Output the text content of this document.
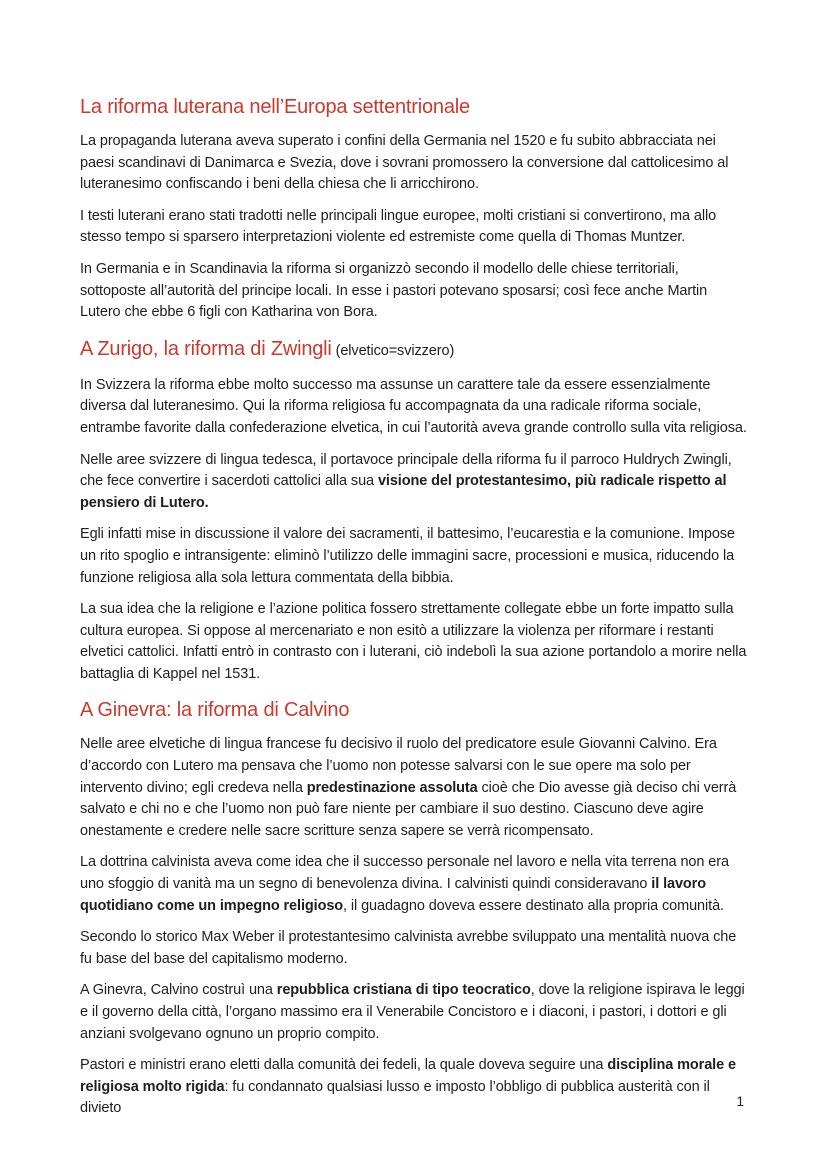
La riforma luterana nell’Europa settentrionale

La propaganda luterana aveva superato i confini della Germania nel 1520 e fu subito abbracciata nei paesi scandinavi di Danimarca e Svezia, dove i sovrani promossero la conversione dal cattolicesimo al luteranesimo confiscando i beni della chiesa che li arricchirono.

I testi luterani erano stati tradotti nelle principali lingue europee, molti cristiani si convertirono, ma allo stesso tempo si sparsero interpretazioni violente ed estremiste come quella di Thomas Muntzer.

In Germania e in Scandinavia la riforma si organizzò secondo il modello delle chiese territoriali, sottoposte all’autorità del principe locali. In esse i pastori potevano sposarsi; così fece anche Martin Lutero che ebbe 6 figli con Katharina von Bora.

A Zurigo, la riforma di Zwingli (elvetico=svizzero)

In Svizzera la riforma ebbe molto successo ma assunse un carattere tale da essere essenzialmente diversa dal luteranesimo. Qui la riforma religiosa fu accompagnata da una radicale riforma sociale, entrambe favorite dalla confederazione elvetica, in cui l’autorità aveva grande controllo sulla vita religiosa.

Nelle aree svizzere di lingua tedesca, il portavoce principale della riforma fu il parroco Huldrych Zwingli, che fece convertire i sacerdoti cattolici alla sua visione del protestantesimo, più radicale rispetto al pensiero di Lutero.

Egli infatti mise in discussione il valore dei sacramenti, il battesimo, l’eucarestia e la comunione. Impose un rito spoglio e intransigente: eliminò l’utilizzo delle immagini sacre, processioni e musica, riducendo la funzione religiosa alla sola lettura commentata della bibbia.

La sua idea che la religione e l’azione politica fossero strettamente collegate ebbe un forte impatto sulla cultura europea. Si oppose al mercenariato e non esitò a utilizzare la violenza per riformare i restanti elvetici cattolici. Infatti entrò in contrasto con i luterani, ciò indebolì la sua azione portandolo a morire nella battaglia di Kappel nel 1531.

A Ginevra: la riforma di Calvino

Nelle aree elvetiche di lingua francese fu decisivo il ruolo del predicatore esule Giovanni Calvino. Era d’accordo con Lutero ma pensava che l’uomo non potesse salvarsi con le sue opere ma solo per intervento divino; egli credeva nella predestinazione assoluta cioè che Dio avesse già deciso chi verrà salvato e chi no e che l’uomo non può fare niente per cambiare il suo destino. Ciascuno deve agire onestamente e credere nelle sacre scritture senza sapere se verrà ricompensato.

La dottrina calvinista aveva come idea che il successo personale nel lavoro e nella vita terrena non era uno sfoggio di vanità ma un segno di benevolenza divina. I calvinisti quindi consideravano il lavoro quotidiano come un impegno religioso, il guadagno doveva essere destinato alla propria comunità.

Secondo lo storico Max Weber il protestantesimo calvinista avrebbe sviluppato una mentalità nuova che fu base del base del capitalismo moderno.

A Ginevra, Calvino costruì una repubblica cristiana di tipo teocratico, dove la religione ispirava le leggi e il governo della città, l’organo massimo era il Venerabile Concistoro e i diaconi, i pastori, i dottori e gli anziani svolgevano ognuno un proprio compito.

Pastori e ministri erano eletti dalla comunità dei fedeli, la quale doveva seguire una disciplina morale e religiosa molto rigida: fu condannato qualsiasi lusso e imposto l’obbligo di pubblica austerità con il divieto	1
